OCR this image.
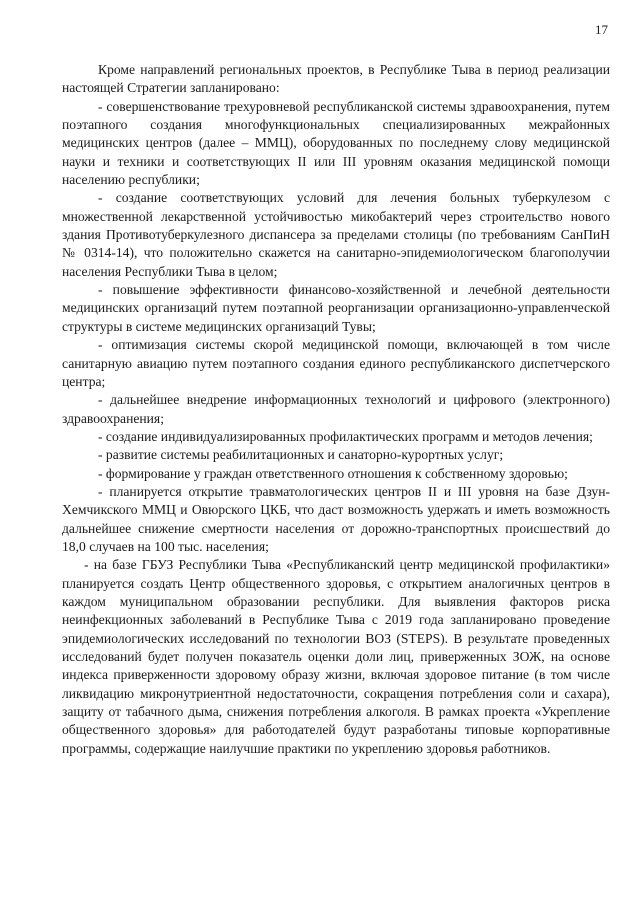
17

Кроме направлений региональных проектов, в Республике Тыва в период реализации настоящей Стратегии запланировано:

- совершенствование трехуровневой республиканской системы здравоохранения, путем поэтапного создания многофункциональных специализированных межрайонных медицинских центров (далее – ММЦ), оборудованных по последнему слову медицинской науки и техники и соответствующих II или III уровням оказания медицинской помощи населению республики;

- создание соответствующих условий для лечения больных туберкулезом с множественной лекарственной устойчивостью микобактерий через строительство нового здания Противотуберкулезного диспансера за пределами столицы (по требованиям СанПиН № 0314-14), что положительно скажется на санитарно-эпидемиологическом благополучии населения Республики Тыва в целом;

- повышение эффективности финансово-хозяйственной и лечебной деятельности медицинских организаций путем поэтапной реорганизации организационно-управленческой структуры в системе медицинских организаций Тувы;

- оптимизация системы скорой медицинской помощи, включающей в том числе санитарную авиацию путем поэтапного создания единого республиканского диспетчерского центра;

- дальнейшее внедрение информационных технологий и цифрового (электронного) здравоохранения;

- создание индивидуализированных профилактических программ и методов лечения;

- развитие системы реабилитационных и санаторно-курортных услуг;

- формирование у граждан ответственного отношения к собственному здоровью;

- планируется открытие травматологических центров II и III уровня на базе Дзун-Хемчикского ММЦ и Овюрского ЦКБ, что даст возможность удержать и иметь возможность дальнейшее снижение смертности населения от дорожно-транспортных происшествий до 18,0 случаев на 100 тыс. населения;

- на базе ГБУЗ Республики Тыва «Республиканский центр медицинской профилактики» планируется создать Центр общественного здоровья, с открытием аналогичных центров в каждом муниципальном образовании республики. Для выявления факторов риска неинфекционных заболеваний в Республике Тыва с 2019 года запланировано проведение эпидемиологических исследований по технологии ВОЗ (STEPS). В результате проведенных исследований будет получен показатель оценки доли лиц, приверженных ЗОЖ, на основе индекса приверженности здоровому образу жизни, включая здоровое питание (в том числе ликвидацию микронутриентной недостаточности, сокращения потребления соли и сахара), защиту от табачного дыма, снижения потребления алкоголя. В рамках проекта «Укрепление общественного здоровья» для работодателей будут разработаны типовые корпоративные программы, содержащие наилучшие практики по укреплению здоровья работников.
